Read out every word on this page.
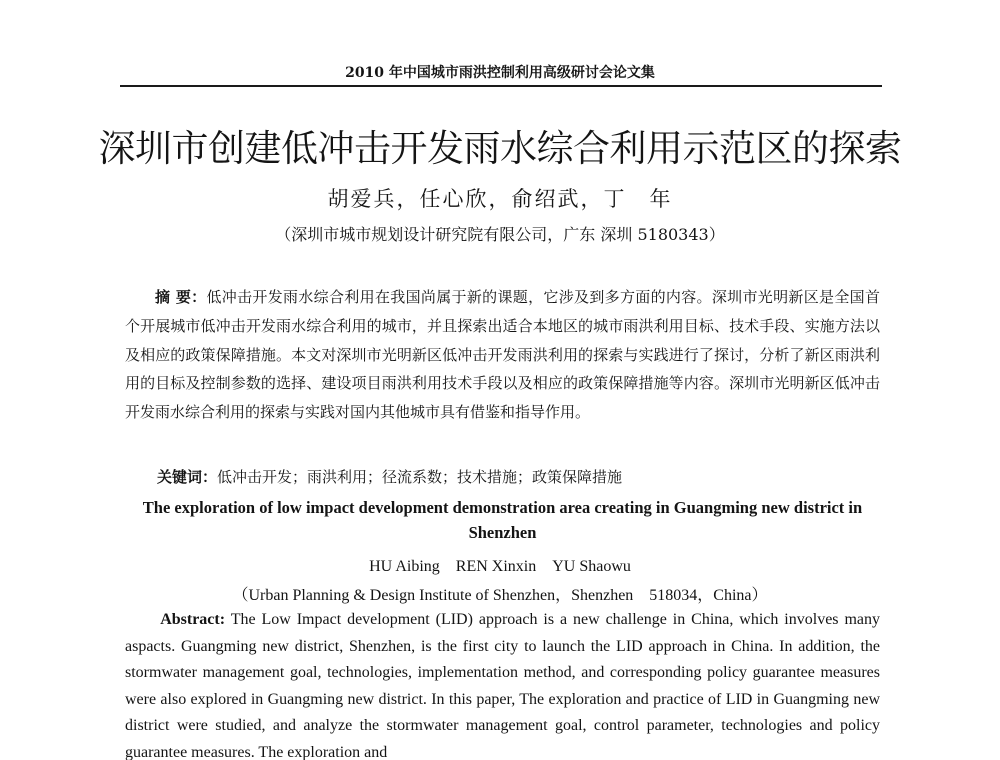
2010 年中国城市雨洪控制利用高级研讨会论文集
深圳市创建低冲击开发雨水综合利用示范区的探索
胡爱兵，任心欣，俞绍武，丁　年
（深圳市城市规划设计研究院有限公司，广东 深圳 5180343）

摘 要：低冲击开发雨水综合利用在我国尚属于新的课题，它涉及到多方面的内容。深圳市光明新区是全国首个开展城市低冲击开发雨水综合利用的城市，并且探索出适合本地区的城市雨洪利用目标、技术手段、实施方法以及相应的政策保障措施。本文对深圳市光明新区低冲击开发雨洪利用的探索与实践进行了探讨，分析了新区雨洪利用的目标及控制参数的选择、建设项目雨洪利用技术手段以及相应的政策保障措施等内容。深圳市光明新区低冲击开发雨水综合利用的探索与实践对国内其他城市具有借鉴和指导作用。

关键词：低冲击开发；雨洪利用；径流系数；技术措施；政策保障措施
The exploration of low impact development demonstration area creating in Guangming new district in Shenzhen
HU Aibing　REN Xinxin　YU Shaowu
（Urban Planning & Design Institute of Shenzhen，Shenzhen　518034，China）

Abstract: The Low Impact development (LID) approach is a new challenge in China, which involves many aspacts. Guangming new district, Shenzhen, is the first city to launch the LID approach in China. In addition, the stormwater management goal, technologies, implementation method, and corresponding policy guarantee measures were also explored in Guangming new district. In this paper, The exploration and practice of LID in Guangming new district were studied, and analyze the stormwater management goal, control parameter, technologies and policy guarantee measures. The exploration and
